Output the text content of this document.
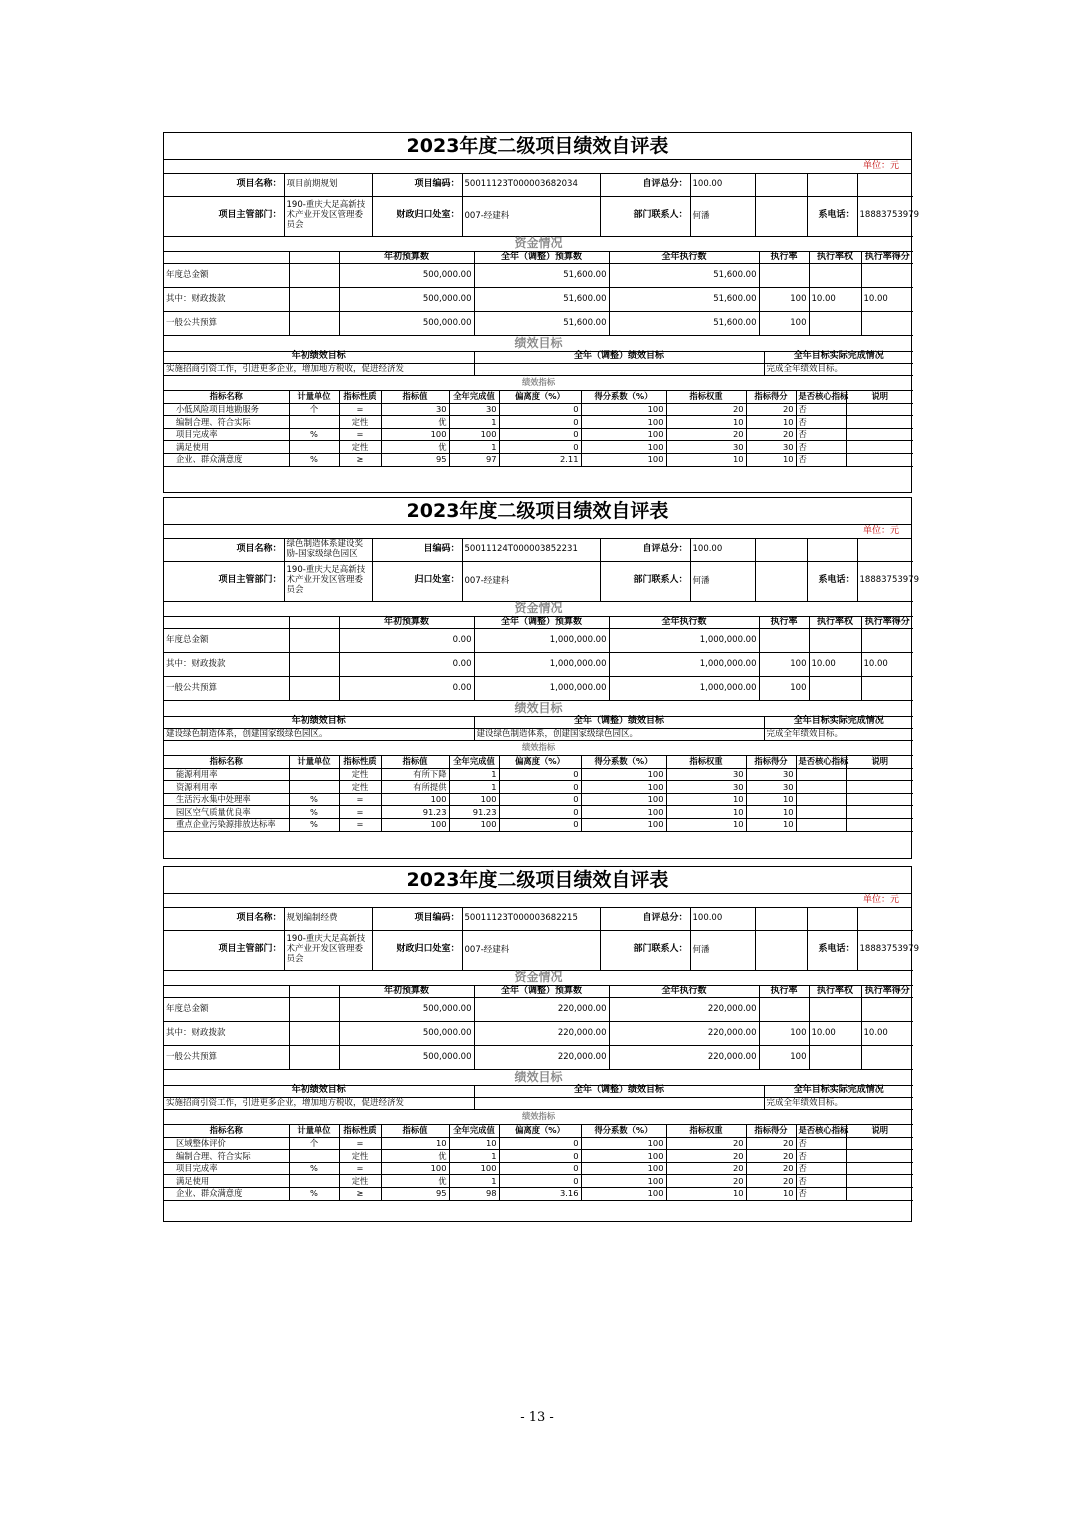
2023年度二级项目绩效自评表
单位：元
项目名称：	项目前期规划	项目编码：	50011123T000003682034	自评总分：	100.00			
项目主管部门：	190-重庆大足高新技术产业开发区管理委员会	财政归口处室：	007-经建科	部门联系人：	何潘		系电话：	18883753979
资金情况							
		年初预算数	全年（调整）预算数	全年执行数	执行率	执行率权	执行率得分
年度总金额		500,000.00	51,600.00	51,600.00			
其中：财政拨款		500,000.00	51,600.00	51,600.00	100	10.00	10.00
一般公共预算		500,000.00	51,600.00	51,600.00	100		
绩效目标		
年初绩效目标	全年（调整）绩效目标	全年目标实际完成情况
实施招商引资工作，引进更多企业，增加地方税收，促进经济发		完成全年绩效目标。
绩效指标										
指标名称	计量单位	指标性质	指标值	全年完成值	偏离度（%）	得分系数（%）	指标权重	指标得分	是否核心指标	说明
小低风险项目地勘服务	个	=	30	30	0	100	20	20	否	
编制合理、符合实际		定性	优	1	0	100	10	10	否	
项目完成率	%	=	100	100	0	100	20	20	否	
满足使用		定性	优	1	0	100	30	30	否	
企业、群众满意度	%	≥	95	97	2.11	100	10	10	否	
2023年度二级项目绩效自评表
单位：元
项目名称：	绿色制造体系建设奖励-国家级绿色园区	目编码：	50011124T000003852231	自评总分：	100.00			
项目主管部门：	190-重庆大足高新技术产业开发区管理委员会	归口处室：	007-经建科	部门联系人：	何潘		系电话：	18883753979
资金情况							
		年初预算数	全年（调整）预算数	全年执行数	执行率	执行率权	执行率得分
年度总金额		0.00	1,000,000.00	1,000,000.00			
其中：财政拨款		0.00	1,000,000.00	1,000,000.00	100	10.00	10.00
一般公共预算		0.00	1,000,000.00	1,000,000.00	100		
绩效目标		
年初绩效目标	全年（调整）绩效目标	全年目标实际完成情况
建设绿色制造体系，创建国家级绿色园区。	建设绿色制造体系，创建国家级绿色园区。	完成全年绩效目标。
绩效指标										
指标名称	计量单位	指标性质	指标值	全年完成值	偏离度（%）	得分系数（%）	指标权重	指标得分	是否核心指标	说明
能源利用率		定性	有所下降	1	0	100	30	30		
资源利用率		定性	有所提供	1	0	100	30	30		
生活污水集中处理率	%	=	100	100	0	100	10	10		
园区空气质量优良率	%	=	91.23	91.23	0	100	10	10		
重点企业污染源排放达标率	%	=	100	100	0	100	10	10		
2023年度二级项目绩效自评表
单位：元
项目名称：	规划编制经费	项目编码：	50011123T000003682215	自评总分：	100.00			
项目主管部门：	190-重庆大足高新技术产业开发区管理委员会	财政归口处室：	007-经建科	部门联系人：	何潘		系电话：	18883753979
资金情况							
		年初预算数	全年（调整）预算数	全年执行数	执行率	执行率权	执行率得分
年度总金额		500,000.00	220,000.00	220,000.00			
其中：财政拨款		500,000.00	220,000.00	220,000.00	100	10.00	10.00
一般公共预算		500,000.00	220,000.00	220,000.00	100		
绩效目标		
年初绩效目标	全年（调整）绩效目标	全年目标实际完成情况
实施招商引资工作，引进更多企业，增加地方税收，促进经济发		完成全年绩效目标。
绩效指标										
指标名称	计量单位	指标性质	指标值	全年完成值	偏离度（%）	得分系数（%）	指标权重	指标得分	是否核心指标	说明
区域整体评价	个	=	10	10	0	100	20	20	否	
编制合理、符合实际		定性	优	1	0	100	20	20	否	
项目完成率	%	=	100	100	0	100	20	20	否	
满足使用		定性	优	1	0	100	20	20	否	
企业、群众满意度	%	≥	95	98	3.16	100	10	10	否	
- 13 -
